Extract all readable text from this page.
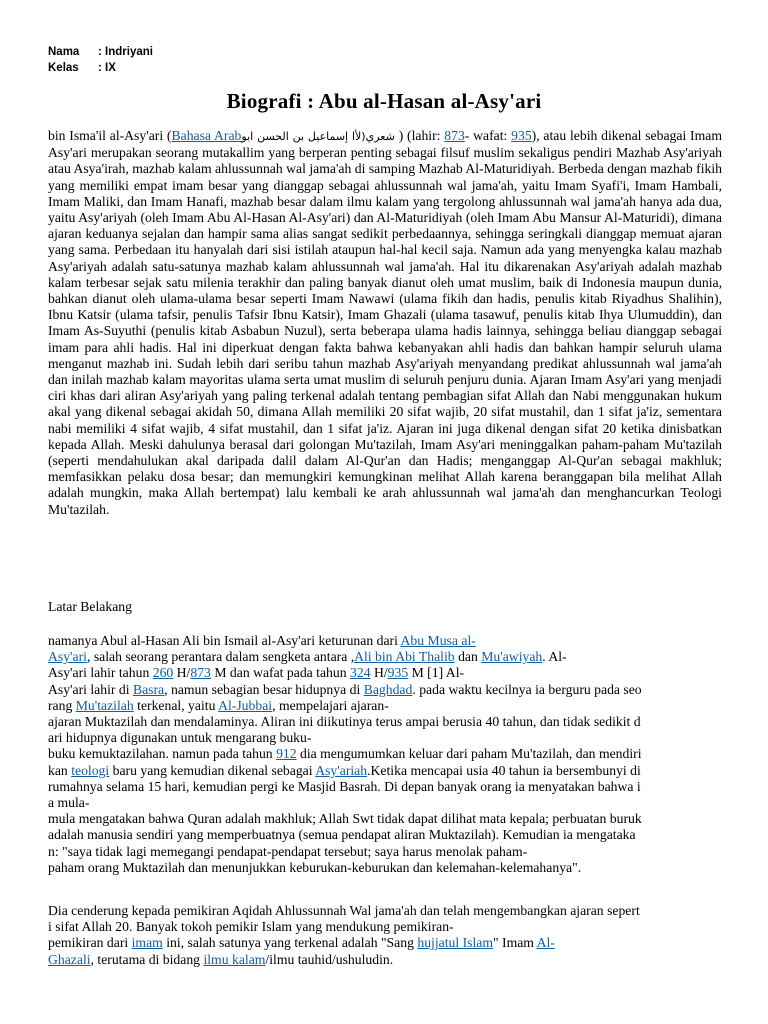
Nama	: Indriyani
Kelas	: IX
Biografi : Abu al-Hasan al-Asy'ari
bin Isma'il al-Asy'ari (Bahasa Arab	شعري‎‎(لأا إسماعيل بن الحسن ابو	) (lahir: 873- wafat: 935), atau lebih dikenal sebagai Imam Asy'ari merupakan seorang mutakallim yang berperan penting sebagai filsuf muslim sekaligus pendiri Mazhab Asy'ariyah atau Asya'irah, mazhab kalam ahlussunnah wal jama'ah di samping Mazhab Al-Maturidiyah. Berbeda dengan mazhab fikih yang memiliki empat imam besar yang dianggap sebagai ahlussunnah wal jama'ah, yaitu Imam Syafi'i, Imam Hambali, Imam Maliki, dan Imam Hanafi, mazhab besar dalam ilmu kalam yang tergolong ahlussunnah wal jama'ah hanya ada dua, yaitu Asy'ariyah (oleh Imam Abu Al-Hasan Al-Asy'ari) dan Al-Maturidiyah (oleh Imam Abu Mansur Al-Maturidi), dimana ajaran keduanya sejalan dan hampir sama alias sangat sedikit perbedaannya, sehingga seringkali dianggap memuat ajaran yang sama. Perbedaan itu hanyalah dari sisi istilah ataupun hal-hal kecil saja. Namun ada yang menyengka kalau mazhab Asy'ariyah adalah satu-satunya mazhab kalam ahlussunnah wal jama'ah. Hal itu dikarenakan Asy'ariyah adalah mazhab kalam terbesar sejak satu milenia terakhir dan paling banyak dianut oleh umat muslim, baik di Indonesia maupun dunia, bahkan dianut oleh ulama-ulama besar seperti Imam Nawawi (ulama fikih dan hadis, penulis kitab Riyadhus Shalihin), Ibnu Katsir (ulama tafsir, penulis Tafsir Ibnu Katsir), Imam Ghazali (ulama tasawuf, penulis kitab Ihya Ulumuddin), dan Imam As-Suyuthi (penulis kitab Asbabun Nuzul), serta beberapa ulama hadis lainnya, sehingga beliau dianggap sebagai imam para ahli hadis. Hal ini diperkuat dengan fakta bahwa kebanyakan ahli hadis dan bahkan hampir seluruh ulama menganut mazhab ini. Sudah lebih dari seribu tahun mazhab Asy'ariyah menyandang predikat ahlussunnah wal jama'ah dan inilah mazhab kalam mayoritas ulama serta umat muslim di seluruh penjuru dunia. Ajaran Imam Asy'ari yang menjadi ciri khas dari aliran Asy'ariyah yang paling terkenal adalah tentang pembagian sifat Allah dan Nabi menggunakan hukum akal yang dikenal sebagai akidah 50, dimana Allah memiliki 20 sifat wajib, 20 sifat mustahil, dan 1 sifat ja'iz, sementara nabi memiliki 4 sifat wajib, 4 sifat mustahil, dan 1 sifat ja'iz. Ajaran ini juga dikenal dengan sifat 20 ketika dinisbatkan kepada Allah. Meski dahulunya berasal dari golongan Mu'tazilah, Imam Asy'ari meninggalkan paham-paham Mu'tazilah (seperti mendahulukan akal daripada dalil dalam Al-Qur'an dan Hadis; menganggap Al-Qur'an sebagai makhluk; memfasikkan pelaku dosa besar; dan memungkiri kemungkinan melihat Allah karena beranggapan bila melihat Allah adalah mungkin, maka Allah bertempat) lalu kembali ke arah ahlussunnah wal jama'ah dan menghancurkan Teologi Mu'tazilah.
Latar Belakang
namanya Abul al-Hasan Ali bin Ismail al-Asy'ari keturunan dari Abu Musa al-
Asy'ari, salah seorang perantara dalam sengketa antara ,Ali bin Abi Thalib dan Mu'awiyah. Al-
Asy'ari lahir tahun 260 H/873 M dan wafat pada tahun 324 H/935 M [1] Al-
Asy'ari lahir di Basra, namun sebagian besar hidupnya di Baghdad. pada waktu kecilnya ia berguru pada seo
rang Mu'tazilah terkenal, yaitu Al-Jubbai, mempelajari ajaran-
ajaran Muktazilah dan mendalaminya. Aliran ini diikutinya terus ampai berusia 40 tahun, dan tidak sedikit d
ari hidupnya digunakan untuk mengarang buku-
buku kemuktazilahan. namun pada tahun 912 dia mengumumkan keluar dari paham Mu'tazilah, dan mendiri
kan teologi baru yang kemudian dikenal sebagai Asy'ariah.Ketika mencapai usia 40 tahun ia bersembunyi di
rumahnya selama 15 hari, kemudian pergi ke Masjid Basrah. Di depan banyak orang ia menyatakan bahwa i
a mula-
mula mengatakan bahwa Quran adalah makhluk; Allah Swt tidak dapat dilihat mata kepala; perbuatan buruk
adalah manusia sendiri yang memperbuatnya (semua pendapat aliran Muktazilah). Kemudian ia mengataka
n: "saya tidak lagi memegangi pendapat-pendapat tersebut; saya harus menolak paham-
paham orang Muktazilah dan menunjukkan keburukan-keburukan dan kelemahan-kelemahanya".
Dia cenderung kepada pemikiran Aqidah Ahlussunnah Wal jama'ah dan telah mengembangkan ajaran sepert
i sifat Allah 20. Banyak tokoh pemikir Islam yang mendukung pemikiran-
pemikiran dari imam ini, salah satunya yang terkenal adalah "Sang hujjatul Islam" Imam Al-
Ghazali, terutama di bidang ilmu kalam/ilmu tauhid/ushuludin.
